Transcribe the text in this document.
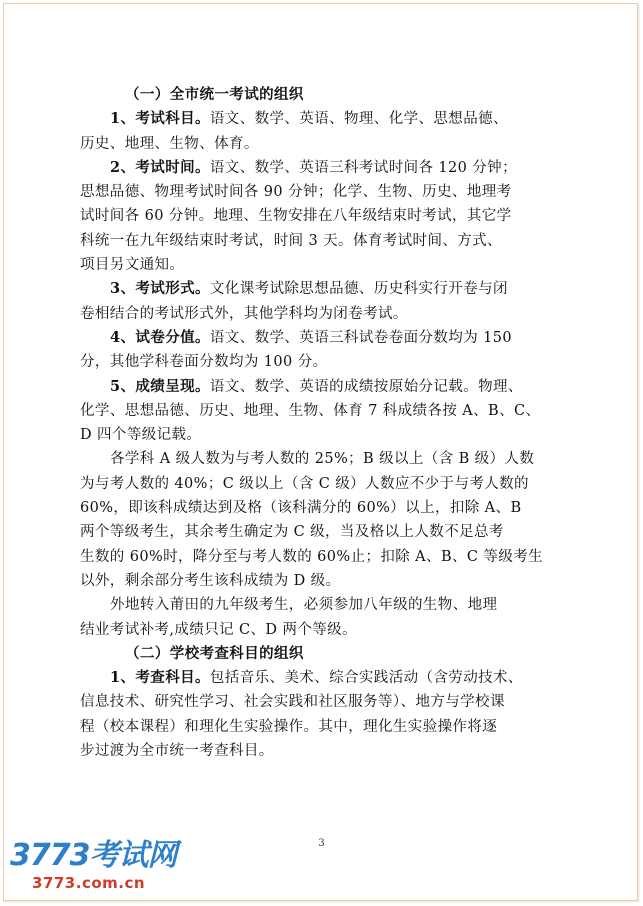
（一）全市统一考试的组织
1、考试科目。语文、数学、英语、物理、化学、思想品德、
历史、地理、生物、体育。
2、考试时间。语文、数学、英语三科考试时间各 120 分钟；
思想品德、物理考试时间各 90 分钟；化学、生物、历史、地理考
试时间各 60 分钟。地理、生物安排在八年级结束时考试，其它学
科统一在九年级结束时考试，时间 3 天。体育考试时间、方式、
项目另文通知。
3、考试形式。文化课考试除思想品德、历史科实行开卷与闭
卷相结合的考试形式外，其他学科均为闭卷考试。
4、试卷分值。语文、数学、英语三科试卷卷面分数均为 150
分，其他学科卷面分数均为 100 分。
5、成绩呈现。语文、数学、英语的成绩按原始分记载。物理、
化学、思想品德、历史、地理、生物、体育 7 科成绩各按 A、B、C、
D 四个等级记载。
各学科 A 级人数为与考人数的 25%；B 级以上（含 B 级）人数
为与考人数的 40%；C 级以上（含 C 级）人数应不少于与考人数的
60%，即该科成绩达到及格（该科满分的 60%）以上，扣除 A、B
两个等级考生，其余考生确定为 C 级，当及格以上人数不足总考
生数的 60%时，降分至与考人数的 60%止；扣除 A、B、C 等级考生
以外，剩余部分考生该科成绩为 D 级。
外地转入莆田的九年级考生，必须参加八年级的生物、地理
结业考试补考,成绩只记 C、D 两个等级。
（二）学校考查科目的组织
1、考查科目。包括音乐、美术、综合实践活动（含劳动技术、
信息技术、研究性学习、社会实践和社区服务等）、地方与学校课
程（校本课程）和理化生实验操作。其中，理化生实验操作将逐
步过渡为全市统一考查科目。
3
3773考试网
3773.com.cn
